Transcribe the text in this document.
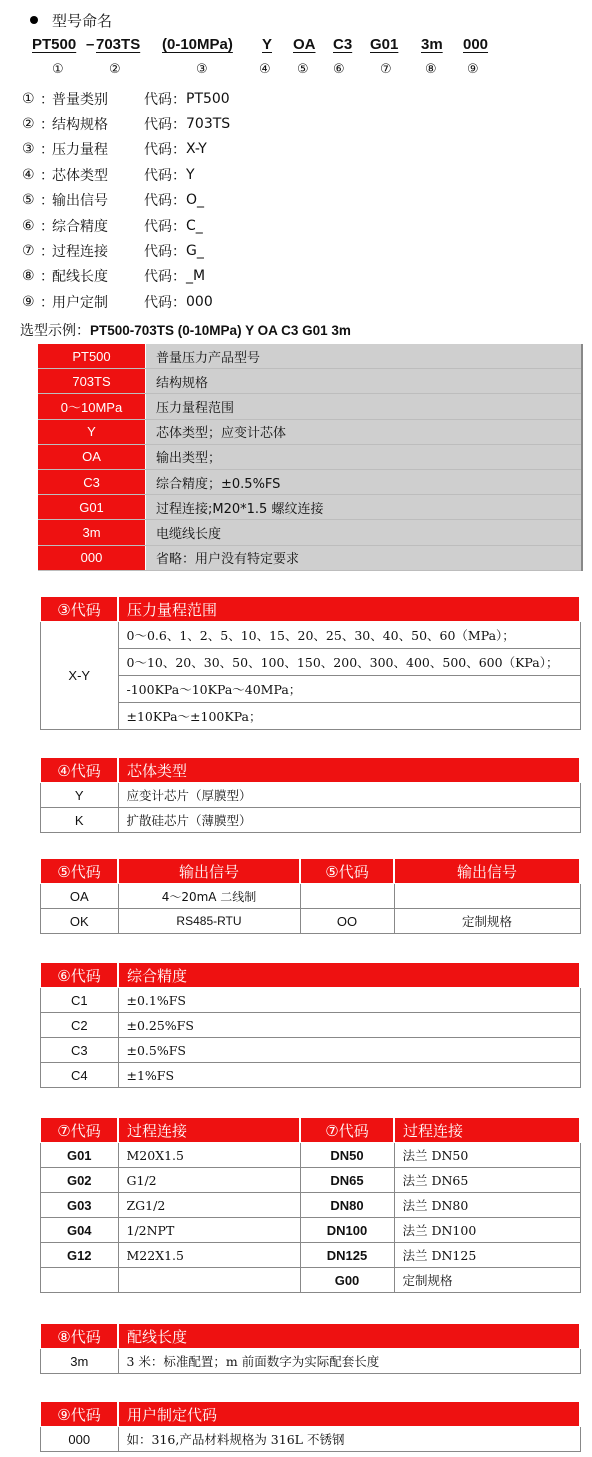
型号命名
PT500 – 703TS (0-10MPa) Y OA C3 G01 3m 000
①	②	③	④ ⑤ ⑥	⑦	⑧ ⑨
① ：
普量类别	代码： PT500
② ：
结构规格	代码： 703TS
③ ：
压力量程	代码： X-Y
④ ：
芯体类型	代码： Y
⑤ ：
输出信号	代码： O_
⑥ ：
综合精度	代码： C_
⑦ ：
过程连接	代码： G_
⑧ ：
配线长度	代码： _M
⑨ ：
用户定制	代码： 000
选型示例：PT500-703TS (0-10MPa) Y OA C3 G01 3m
PT500	普量压力产品型号
703TS	结构规格
0～10MPa	压力量程范围
Y	芯体类型；应变计芯体
OA	输出类型；
C3	综合精度；±0.5%FS
G01	过程连接;M20*1.5 螺纹连接
3m	电缆线长度
000	省略：用户没有特定要求
③代码	压力量程范围
X-Y	0～0.6、1、2、5、10、15、20、25、30、40、50、60（MPa）；
	0～10、20、30、50、100、150、200、300、400、500、600（KPa）；
	-100KPa～10KPa～40MPa；
	±10KPa～±100KPa；
④代码	芯体类型
Y	应变计芯片（厚膜型）
K	扩散硅芯片（薄膜型）
⑤代码	输出信号	⑤代码	输出信号
OA	4～20mA 二线制		
OK	RS485-RTU	OO	定制规格
⑥代码	综合精度
C1	±0.1%FS
C2	±0.25%FS
C3	±0.5%FS
C4	±1%FS
⑦代码	过程连接	⑦代码	过程连接
G01	M20X1.5	DN50	法兰 DN50
G02	G1/2	DN65	法兰 DN65
G03	ZG1/2	DN80	法兰 DN80
G04	1/2NPT	DN100	法兰 DN100
G12	M22X1.5	DN125	法兰 DN125
		G00	定制规格
⑧代码	配线长度
3m	3 米：标准配置；m 前面数字为实际配套长度
⑨代码	用户制定代码
000	如：316,产品材料规格为 316L 不锈钢
